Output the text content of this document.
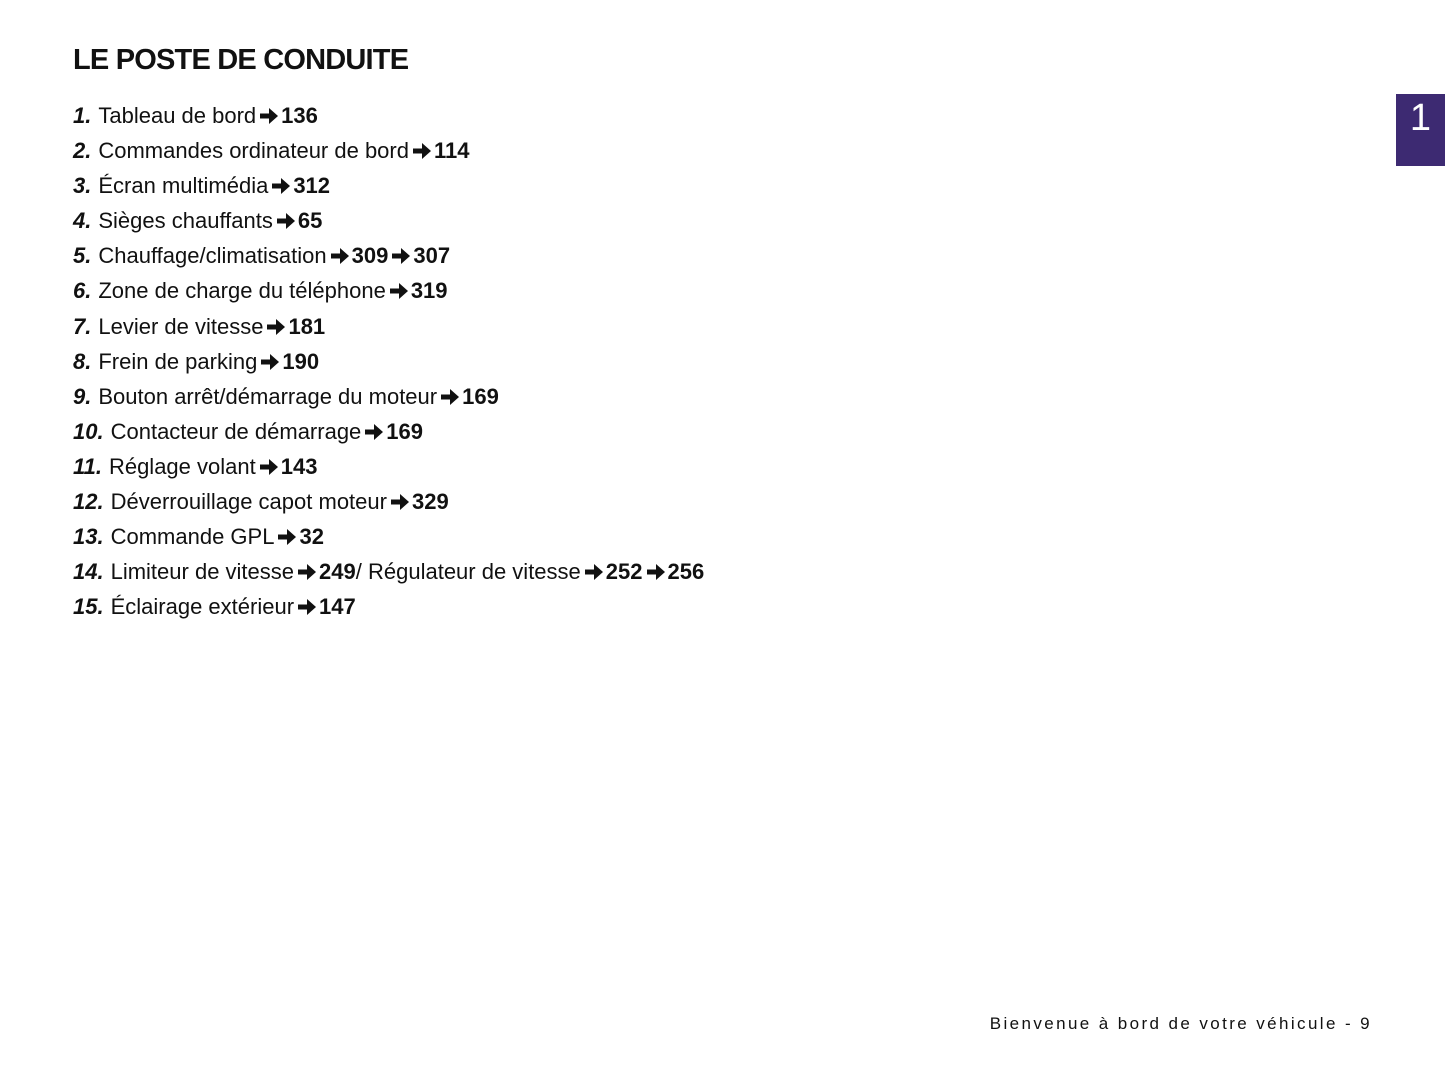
LE POSTE DE CONDUITE
1. Tableau de bord 136
2. Commandes ordinateur de bord 114
3. Écran multimédia 312
4. Sièges chauffants 65
5. Chauffage/climatisation 309 307
6. Zone de charge du téléphone 319
7. Levier de vitesse 181
8. Frein de parking 190
9. Bouton arrêt/démarrage du moteur 169
10. Contacteur de démarrage 169
11. Réglage volant 143
12. Déverrouillage capot moteur 329
13. Commande GPL 32
14. Limiteur de vitesse 249/ Régulateur de vitesse 252 256
15. Éclairage extérieur 147
1
Bienvenue à bord de votre véhicule - 9
